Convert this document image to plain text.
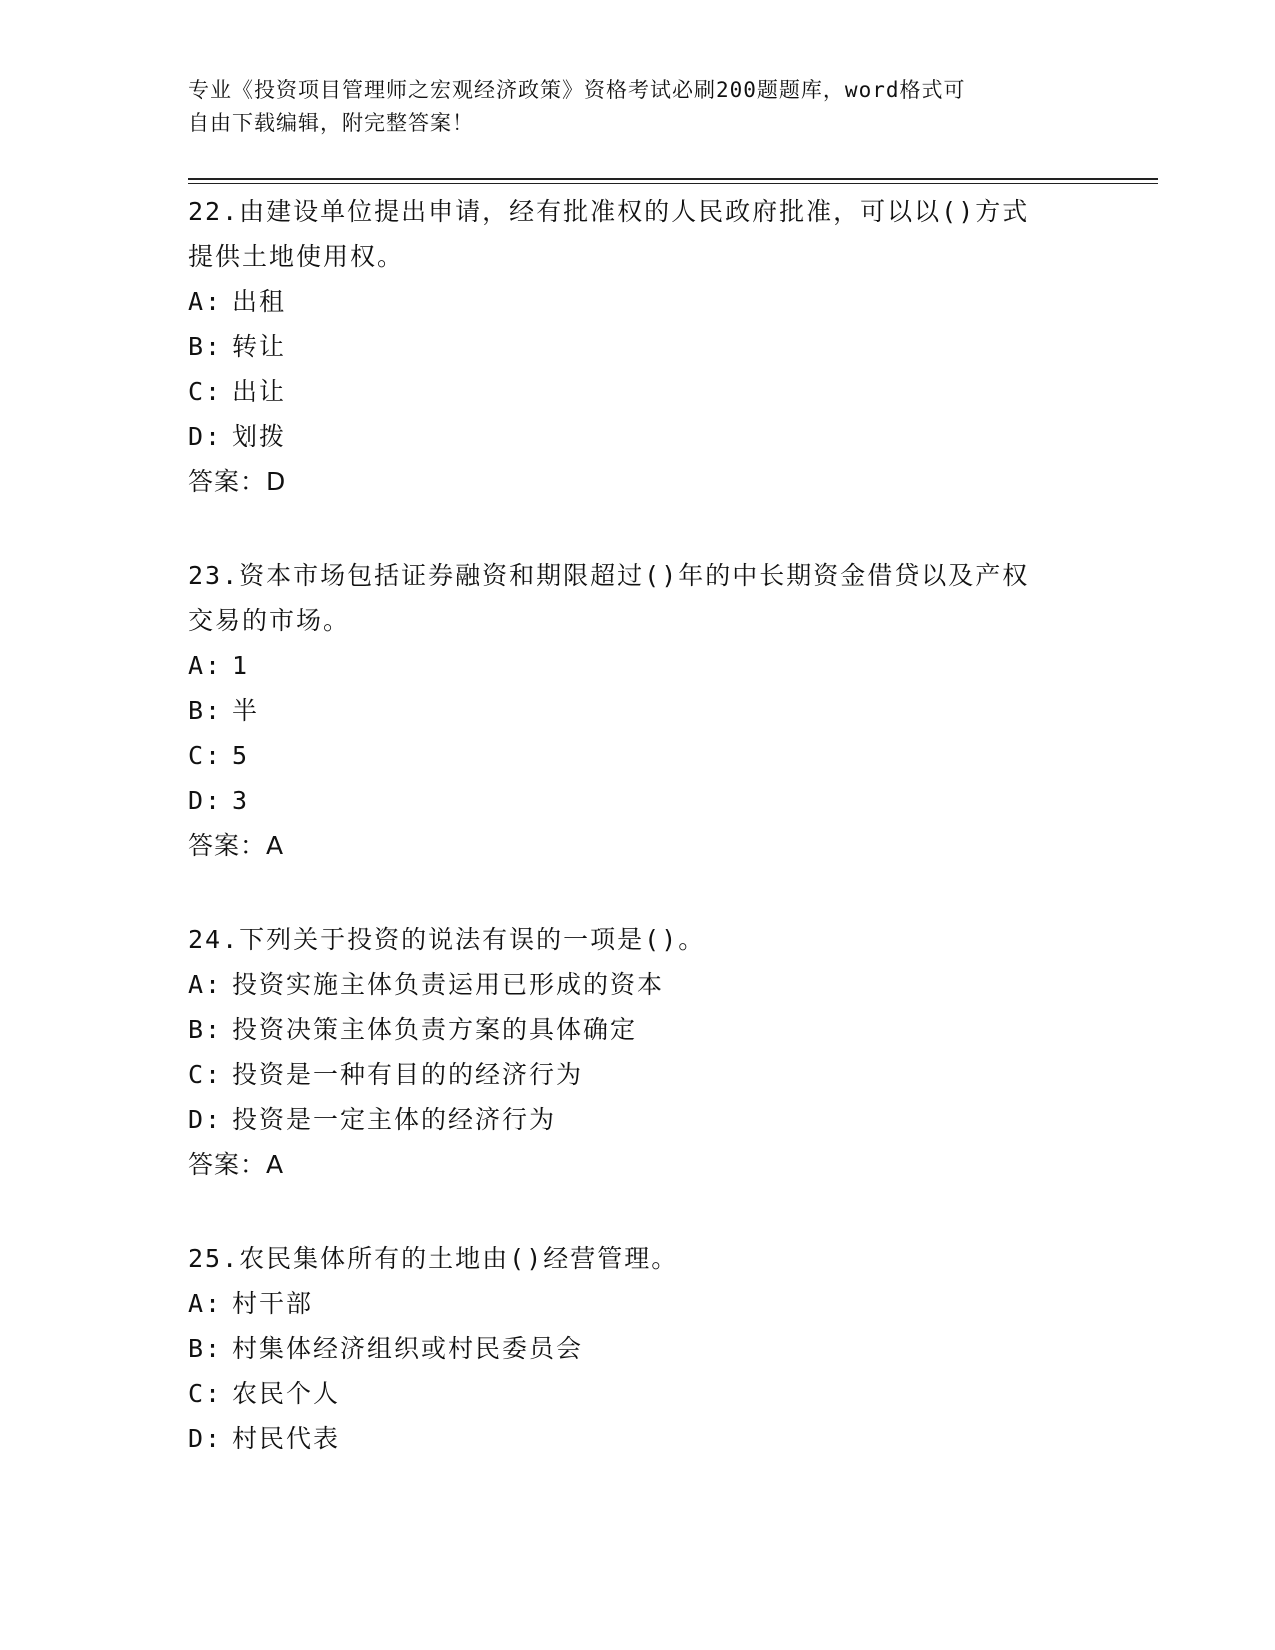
专业《投资项目管理师之宏观经济政策》资格考试必刷200题题库，word格式可
自由下载编辑，附完整答案！
22.由建设单位提出申请，经有批准权的人民政府批准，可以以()方式
提供土地使用权。
A: 出租
B: 转让
C: 出让
D: 划拨
答案：D
23.资本市场包括证券融资和期限超过()年的中长期资金借贷以及产权
交易的市场。
A: 1
B: 半
C: 5
D: 3
答案：A
24.下列关于投资的说法有误的一项是()。
A: 投资实施主体负责运用已形成的资本
B: 投资决策主体负责方案的具体确定
C: 投资是一种有目的的经济行为
D: 投资是一定主体的经济行为
答案：A
25.农民集体所有的土地由()经营管理。
A: 村干部
B: 村集体经济组织或村民委员会
C: 农民个人
D: 村民代表
